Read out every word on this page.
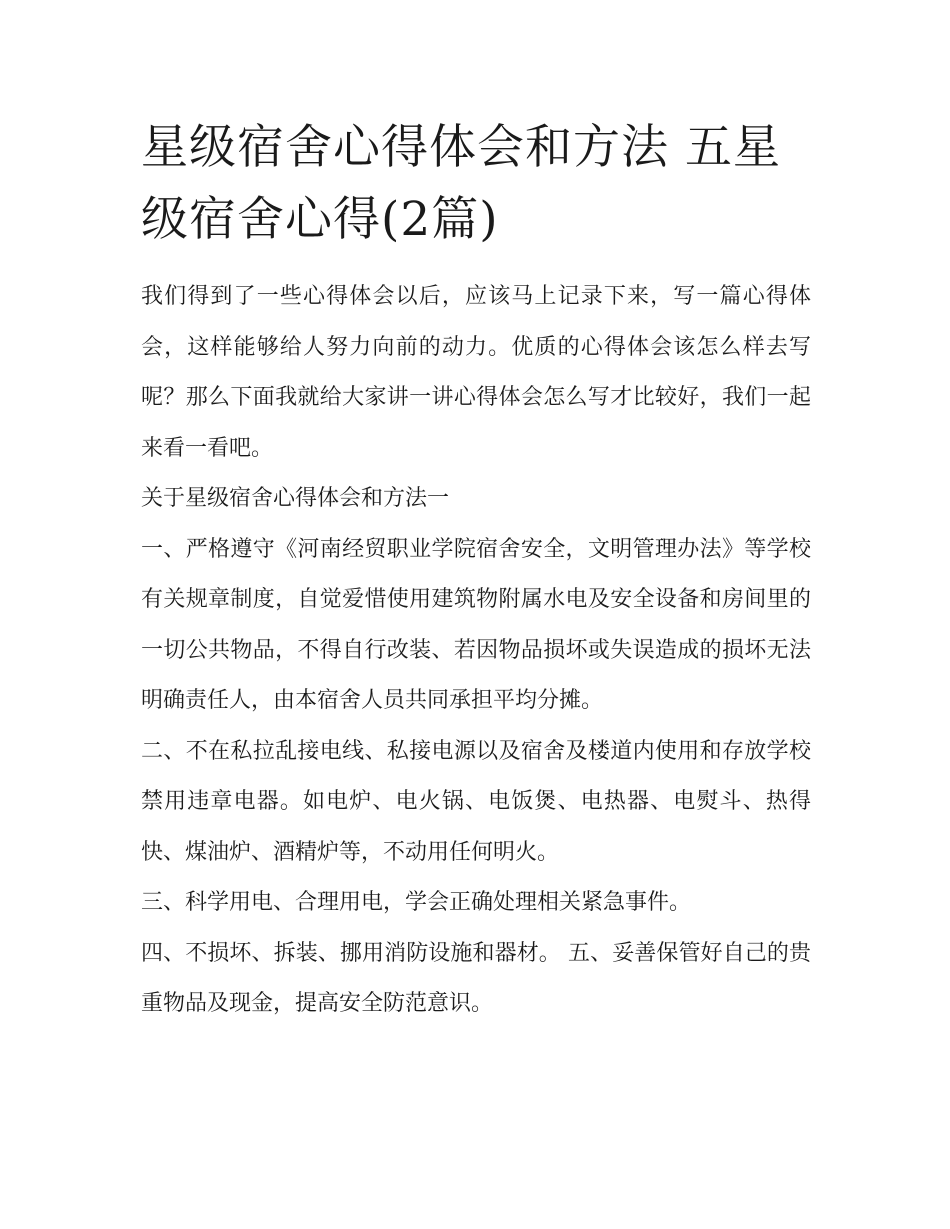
星级宿舍心得体会和方法 五星级宿舍心得(2篇)

我们得到了一些心得体会以后，应该马上记录下来，写一篇心得体会，这样能够给人努力向前的动力。优质的心得体会该怎么样去写呢？那么下面我就给大家讲一讲心得体会怎么写才比较好，我们一起来看一看吧。

关于星级宿舍心得体会和方法一

一、严格遵守《河南经贸职业学院宿舍安全，文明管理办法》等学校有关规章制度，自觉爱惜使用建筑物附属水电及安全设备和房间里的一切公共物品，不得自行改装、若因物品损坏或失误造成的损坏无法明确责任人，由本宿舍人员共同承担平均分摊。

二、不在私拉乱接电线、私接电源以及宿舍及楼道内使用和存放学校禁用违章电器。如电炉、电火锅、电饭煲、电热器、电熨斗、热得快、煤油炉、酒精炉等，不动用任何明火。

三、科学用电、合理用电，学会正确处理相关紧急事件。

四、不损坏、拆装、挪用消防设施和器材。 五、妥善保管好自己的贵重物品及现金，提高安全防范意识。
